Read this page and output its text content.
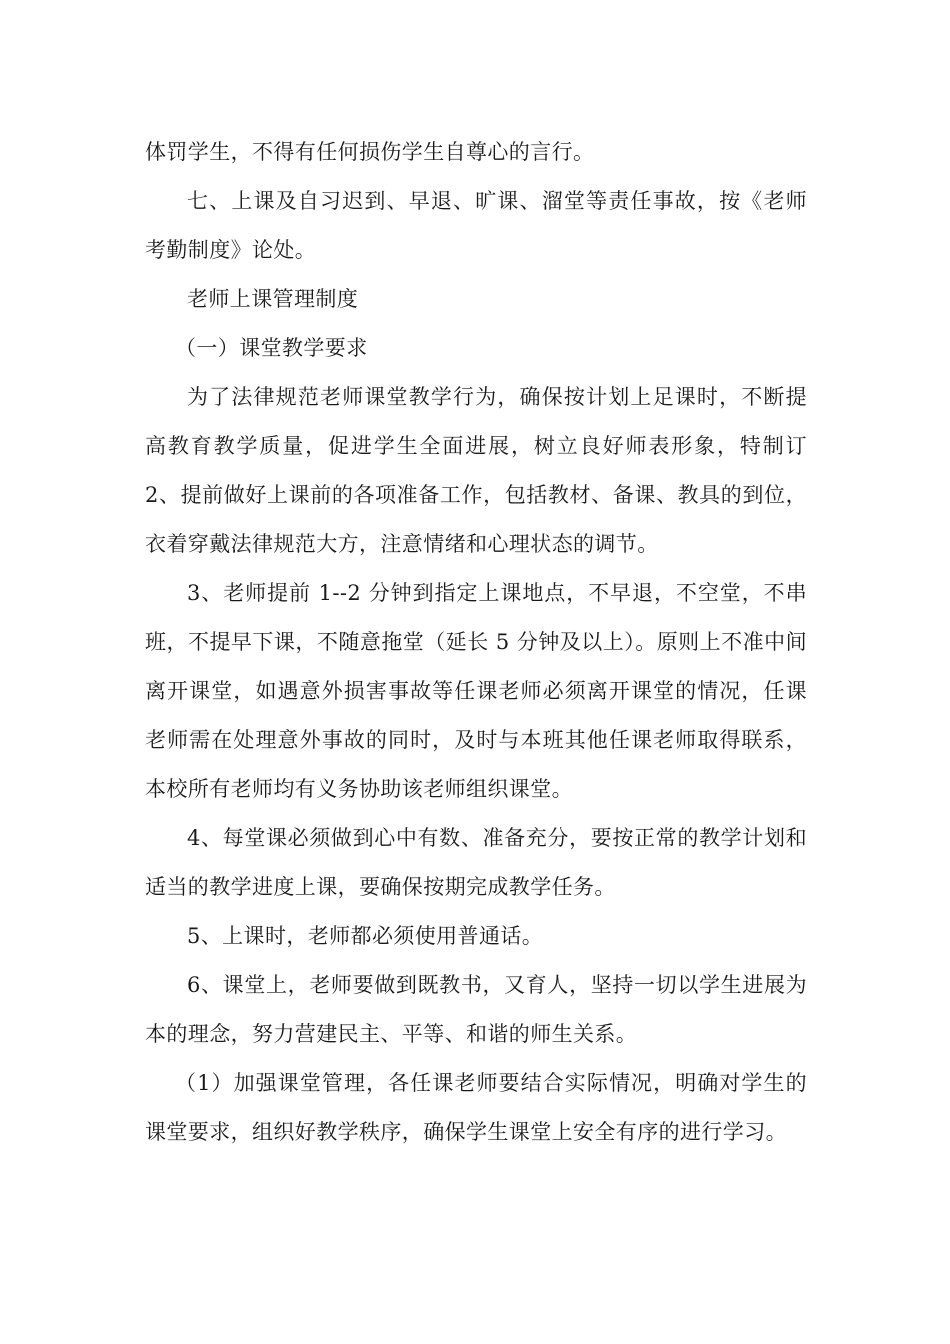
体罚学生，不得有任何损伤学生自尊心的言行。

七、上课及自习迟到、早退、旷课、溜堂等责任事故，按《老师考勤制度》论处。

老师上课管理制度

（一）课堂教学要求

为了法律规范老师课堂教学行为，确保按计划上足课时，不断提高教育教学质量，促进学生全面进展，树立良好师表形象，特制订 2、提前做好上课前的各项准备工作，包括教材、备课、教具的到位，衣着穿戴法律规范大方，注意情绪和心理状态的调节。

3、老师提前 1--2 分钟到指定上课地点，不早退，不空堂，不串班，不提早下课，不随意拖堂（延长 5 分钟及以上）。原则上不准中间离开课堂，如遇意外损害事故等任课老师必须离开课堂的情况，任课老师需在处理意外事故的同时，及时与本班其他任课老师取得联系，本校所有老师均有义务协助该老师组织课堂。

4、每堂课必须做到心中有数、准备充分，要按正常的教学计划和适当的教学进度上课，要确保按期完成教学任务。

5、上课时，老师都必须使用普通话。

6、课堂上，老师要做到既教书，又育人，坚持一切以学生进展为本的理念，努力营建民主、平等、和谐的师生关系。

（1）加强课堂管理，各任课老师要结合实际情况，明确对学生的课堂要求，组织好教学秩序，确保学生课堂上安全有序的进行学习。
